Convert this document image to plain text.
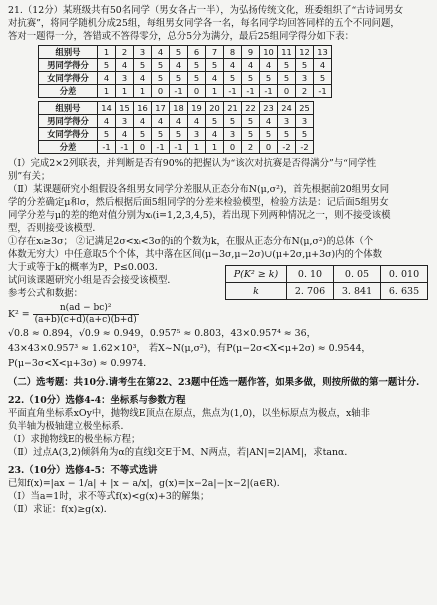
21.（12分）某班级共有50名同学（男女各占一半），为弘扬传统文化，班委组织了“古诗词男女

对抗赛”，将同学随机分成25组，每组男女同学各一名，每名同学均回答同样的五个不同问题，

答对一题得一分，答错或不答得零分，总分5分为满分，最后25组同学得分如下表：

组别号	1	2	3	4	5	6	7	8	9	10	11	12	13
男同学得分	5	4	5	5	4	5	5	4	4	4	5	5	4
女同学得分	4	3	4	5	5	5	4	5	5	5	5	3	5
分差	1	1	1	0	-1	0	1	-1	-1	-1	0	2	-1

组别号	14	15	16	17	18	19	20	21	22	23	24	25	
男同学得分	4	3	4	4	4	4	5	5	5	4	3	3	
女同学得分	5	4	5	5	5	3	4	3	5	5	5	5	
分差	-1	-1	0	-1	-1	1	1	0	2	0	-2	-2	

（Ⅰ）完成2×2列联表，并判断是否有90%的把握认为“该次对抗赛是否得满分”与“同学性

别”有关；

（Ⅱ）某课题研究小组假设各组男女同学分差服从正态分布N(μ,σ²)，首先根据前20组男女同

学的分差确定μ和σ，然后根据后面5组同学的分差来检验模型，检验方法是：记后面5组男女

同学分差与μ的差的绝对值分别为xᵢ(i=1,2,3,4,5)，若出现下列两种情况之一，则不接受该模

型，否则接受该模型．

①存在xᵢ≥3σ； ②记满足2σ<xᵢ<3σ的i的个数为k，在服从正态分布N(μ,σ²)的总体（个

体数无穷大）中任意取5个个体，其中落在区间(μ−3σ,μ−2σ)∪(μ+2σ,μ+3σ)内的个体数

大于或等于k的概率为P，P≤0.003．

试问该课题研究小组是否会接受该模型．

参考公式和数据：

$K^2 = \frac{\text{n(ad − bc)²}}{(a+b)(c+d)(a+c)(b+d)}$

P(K² ≥ k)	0. 10	0. 05	0. 010
k	2. 706	3. 841	6. 635

√0.8 ≈ 0.894，√0.9 ≈ 0.949，0.957⁵ ≈ 0.803，43×0.957⁴ ≈ 36，

43×43×0.957³ ≈ 1.62×10³， 若X~N(μ,σ²)，有P(μ−2σ<X<μ+2σ) ≈ 0.9544，

P(μ−3σ<X<μ+3σ) ≈ 0.9974．

（二）选考题：共10分.请考生在第22、23题中任选一题作答，如果多做，则按所做的第一题计分.

22.（10分）选修4-4：坐标系与参数方程

平面直角坐标系xOy中，抛物线E顶点在原点，焦点为(1,0)，以坐标原点为极点，x轴非

负半轴为极轴建立极坐标系．

（Ⅰ）求抛物线E的极坐标方程；

（Ⅱ）过点A(3,2)倾斜角为α的直线l交E于M、N两点，若|AN|=2|AM|，求tanα．

23.（10分）选修4-5：不等式选讲

已知f(x)=|ax − 1/a| + |x − a/x|，g(x)=|x−2a|−|x−2|(a∈R)．

（Ⅰ）当a=1时，求不等式f(x)<g(x)+3的解集；

（Ⅱ）求证：f(x)≥g(x)．
